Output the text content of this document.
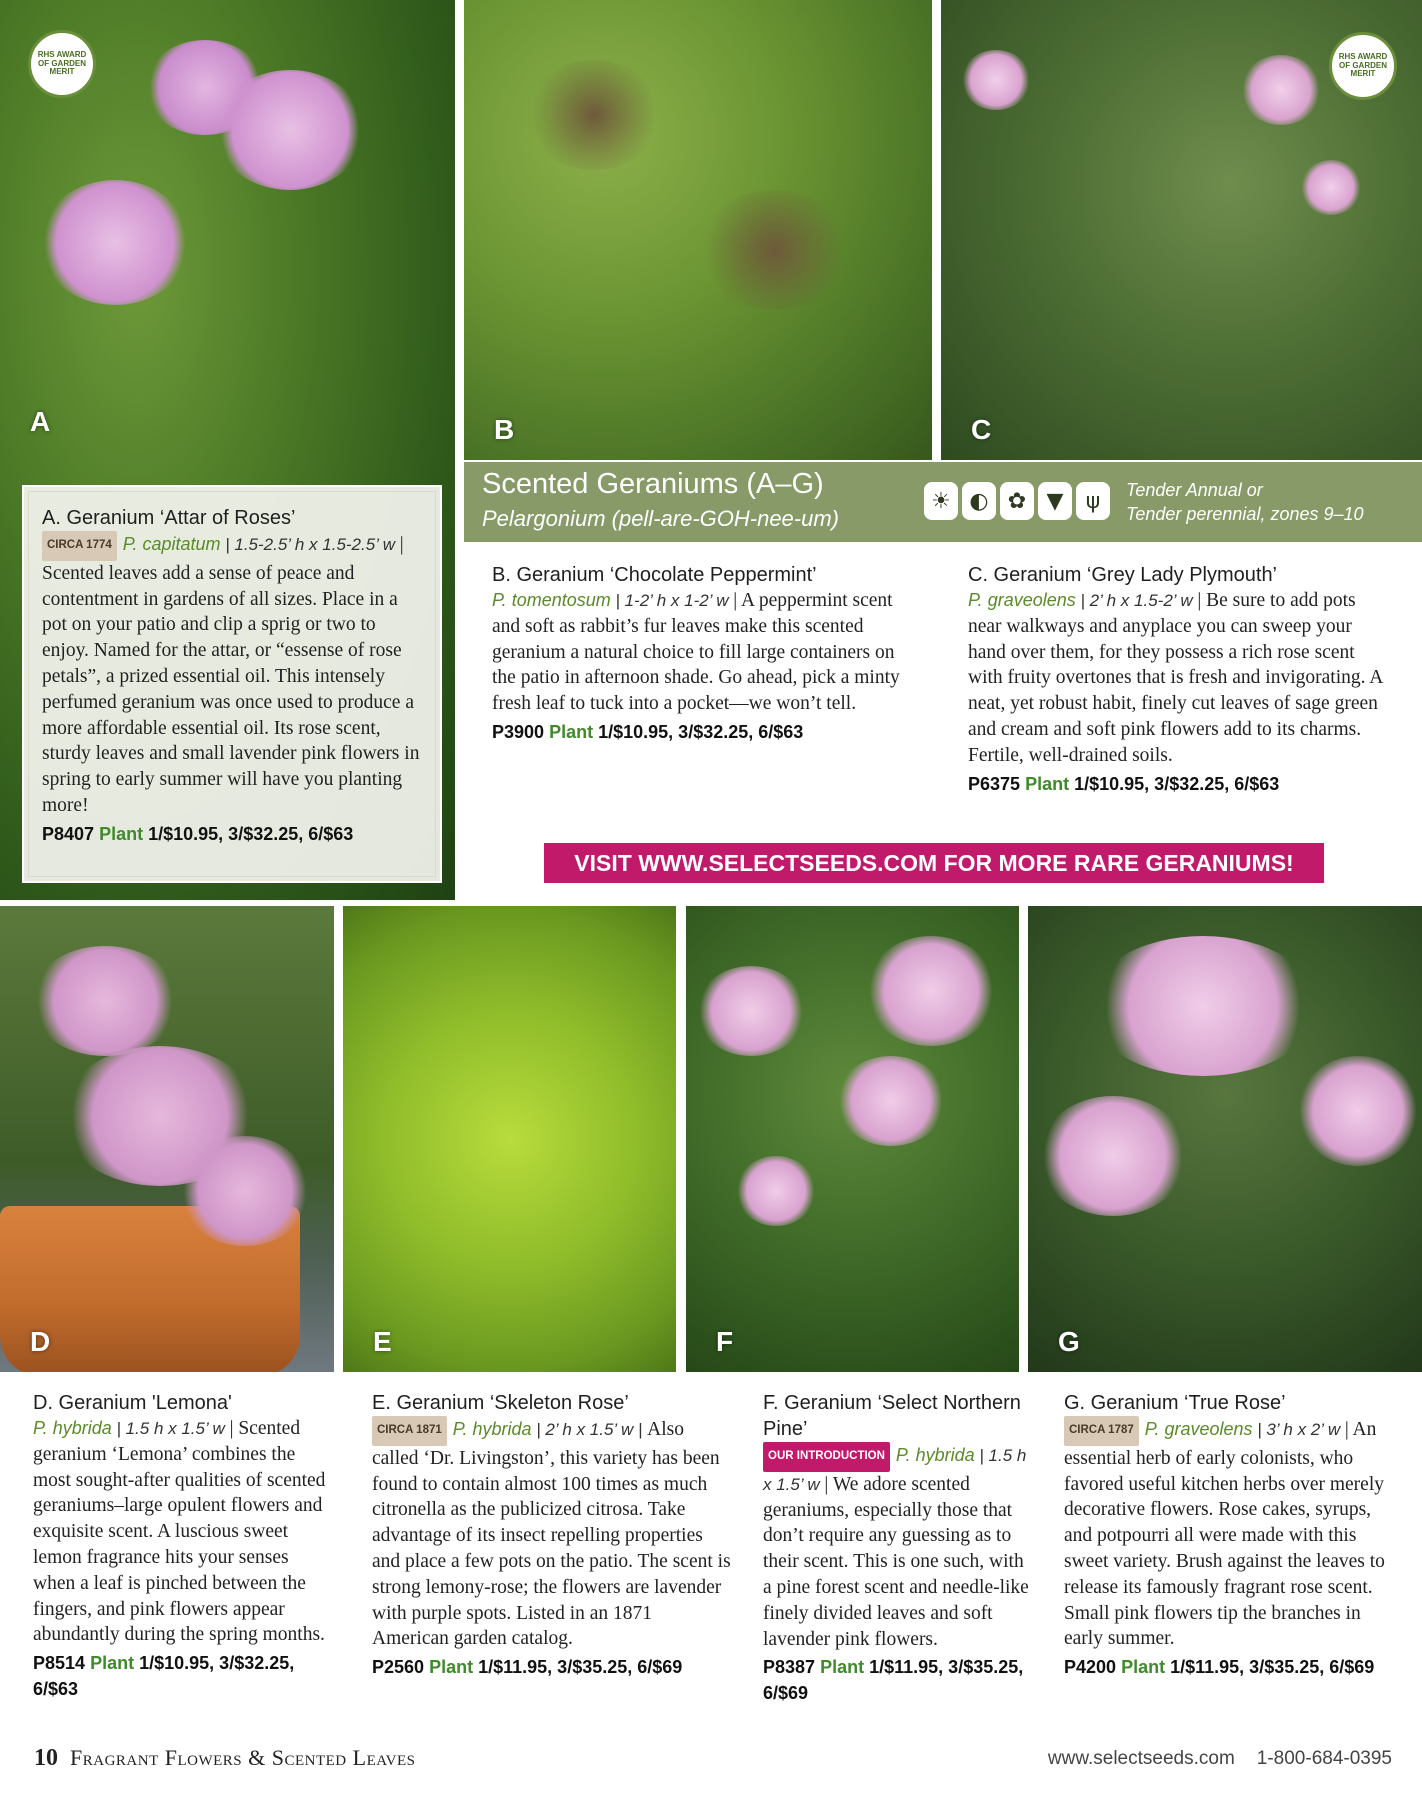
RHS AWARD OF GARDEN MERIT
A	B
RHS AWARD OF GARDEN MERIT
C
D	E	F	G
A. Geranium ‘Attar of Roses’
CIRCA 1774 P. capitatum | 1.5-2.5’ h x 1.5-2.5’ w | Scented leaves add a sense of peace and contentment in gardens of all sizes. Place in a pot on your patio and clip a sprig or two to enjoy. Named for the attar, or “essense of rose petals”, a prized essential oil. This intensely perfumed geranium was once used to produce a more affordable essential oil. Its rose scent, sturdy leaves and small lavender pink flowers in spring to early summer will have you planting more!
P8407 Plant 1/$10.95, 3/$32.25, 6/$63
Scented Geraniums (A–G)
Pelargonium (pell-are-GOH-nee-um)
☀ ◐ ✿ ▼	ψ	Tender Annual or
Tender perennial, zones 9–10
B. Geranium ‘Chocolate Peppermint’
P. tomentosum | 1-2’ h x 1-2’ w | A peppermint scent and soft as rabbit’s fur leaves make this scented geranium a natural choice to fill large containers on the patio in afternoon shade. Go ahead, pick a minty fresh leaf to tuck into a pocket—we won’t tell.
P3900 Plant 1/$10.95, 3/$32.25, 6/$63
C. Geranium ‘Grey Lady Plymouth’
P. graveolens | 2’ h x 1.5-2’ w | Be sure to add pots near walkways and anyplace you can sweep your hand over them, for they possess a rich rose scent with fruity overtones that is fresh and invigorating. A neat, yet robust habit, finely cut leaves of sage green and cream and soft pink flowers add to its charms. Fertile, well-drained soils.
P6375 Plant 1/$10.95, 3/$32.25, 6/$63
VISIT WWW.SELECTSEEDS.COM FOR MORE RARE GERANIUMS!
D. Geranium 'Lemona'
P. hybrida | 1.5 h x 1.5’ w | Scented geranium ‘Lemona’ combines the most sought-after qualities of scented geraniums–large opulent flowers and exquisite scent. A luscious sweet lemon fragrance hits your senses when a leaf is pinched between the fingers, and pink flowers appear abundantly during the spring months.
P8514 Plant 1/$10.95, 3/$32.25, 6/$63
E. Geranium ‘Skeleton Rose’
CIRCA 1871 P. hybrida | 2’ h x 1.5’ w | Also called ‘Dr. Livingston’, this variety has been found to contain almost 100 times as much citronella as the publicized citrosa. Take advantage of its insect repelling properties and place a few pots on the patio. The scent is strong lemony-rose; the flowers are lavender with purple spots. Listed in an 1871 American garden catalog.
P2560 Plant 1/$11.95, 3/$35.25, 6/$69
F. Geranium ‘Select Northern Pine’
OUR INTRODUCTION P. hybrida | 1.5 h x 1.5’ w | We adore scented geraniums, especially those that don’t require any guessing as to their scent. This is one such, with a pine forest scent and needle-like finely divided leaves and soft lavender pink flowers.
P8387 Plant 1/$11.95, 3/$35.25, 6/$69
G. Geranium ‘True Rose’
CIRCA 1787 P. graveolens | 3’ h x 2’ w | An essential herb of early colonists, who favored useful kitchen herbs over merely decorative flowers. Rose cakes, syrups, and potpourri all were made with this sweet variety. Brush against the leaves to release its famously fragrant rose scent. Small pink flowers tip the branches in early summer.
P4200 Plant 1/$11.95, 3/$35.25, 6/$69
10 Fragrant Flowers & Scented Leaves	www.selectseeds.com 1-800-684-0395
